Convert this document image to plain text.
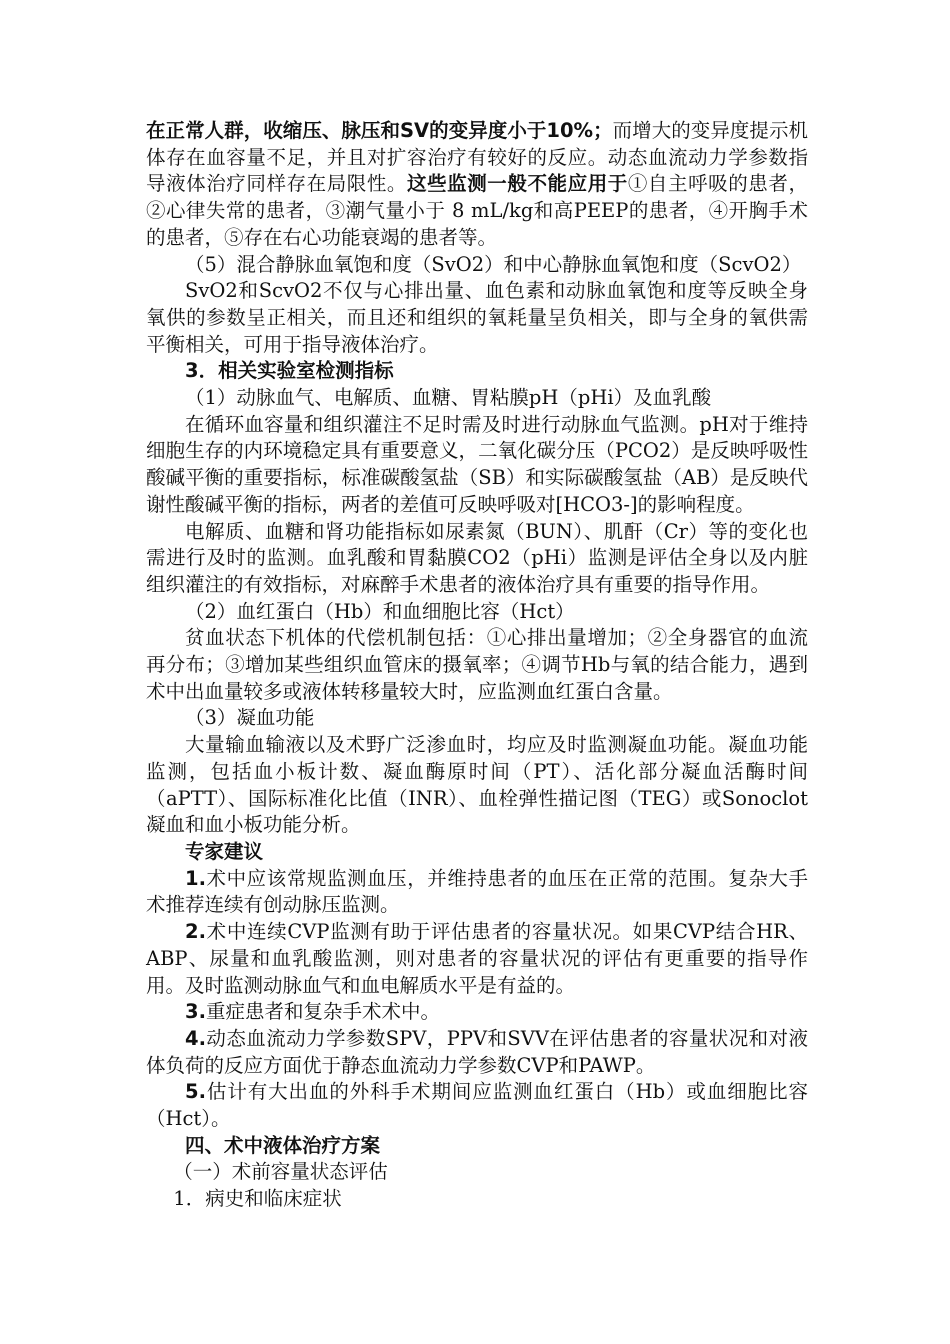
在正常人群，收缩压、脉压和SV的变异度小于10%；而增大的变异度提示机体存在血容量不足，并且对扩容治疗有较好的反应。动态血流动力学参数指导液体治疗同样存在局限性。这些监测一般不能应用于①自主呼吸的患者，②心律失常的患者，③潮气量小于 8 mL/kg和高PEEP的患者，④开胸手术的患者，⑤存在右心功能衰竭的患者等。

（5）混合静脉血氧饱和度（SvO2）和中心静脉血氧饱和度（ScvO2）

SvO2和ScvO2不仅与心排出量、血色素和动脉血氧饱和度等反映全身氧供的参数呈正相关，而且还和组织的氧耗量呈负相关，即与全身的氧供需平衡相关，可用于指导液体治疗。

3．相关实验室检测指标

（1）动脉血气、电解质、血糖、胃粘膜pH（pHi）及血乳酸

在循环血容量和组织灌注不足时需及时进行动脉血气监测。pH对于维持细胞生存的内环境稳定具有重要意义，二氧化碳分压（PCO2）是反映呼吸性酸碱平衡的重要指标，标准碳酸氢盐（SB）和实际碳酸氢盐（AB）是反映代谢性酸碱平衡的指标，两者的差值可反映呼吸对[HCO3-]的影响程度。

电解质、血糖和肾功能指标如尿素氮（BUN）、肌酐（Cr）等的变化也需进行及时的监测。血乳酸和胃黏膜CO2（pHi）监测是评估全身以及内脏组织灌注的有效指标，对麻醉手术患者的液体治疗具有重要的指导作用。

（2）血红蛋白（Hb）和血细胞比容（Hct）

贫血状态下机体的代偿机制包括：①心排出量增加；②全身器官的血流再分布；③增加某些组织血管床的摄氧率；④调节Hb与氧的结合能力，遇到术中出血量较多或液体转移量较大时，应监测血红蛋白含量。

（3）凝血功能

大量输血输液以及术野广泛渗血时，均应及时监测凝血功能。凝血功能监测，包括血小板计数、凝血酶原时间（PT）、活化部分凝血活酶时间（aPTT）、国际标准化比值（INR）、血栓弹性描记图（TEG）或Sonoclot凝血和血小板功能分析。

专家建议

1.术中应该常规监测血压，并维持患者的血压在正常的范围。复杂大手术推荐连续有创动脉压监测。

2.术中连续CVP监测有助于评估患者的容量状况。如果CVP结合HR、ABP、尿量和血乳酸监测，则对患者的容量状况的评估有更重要的指导作用。及时监测动脉血气和血电解质水平是有益的。

3.重症患者和复杂手术术中。

4.动态血流动力学参数SPV，PPV和SVV在评估患者的容量状况和对液体负荷的反应方面优于静态血流动力学参数CVP和PAWP。

5.估计有大出血的外科手术期间应监测血红蛋白（Hb）或血细胞比容（Hct）。

四、术中液体治疗方案

（一）术前容量状态评估

1．病史和临床症状
